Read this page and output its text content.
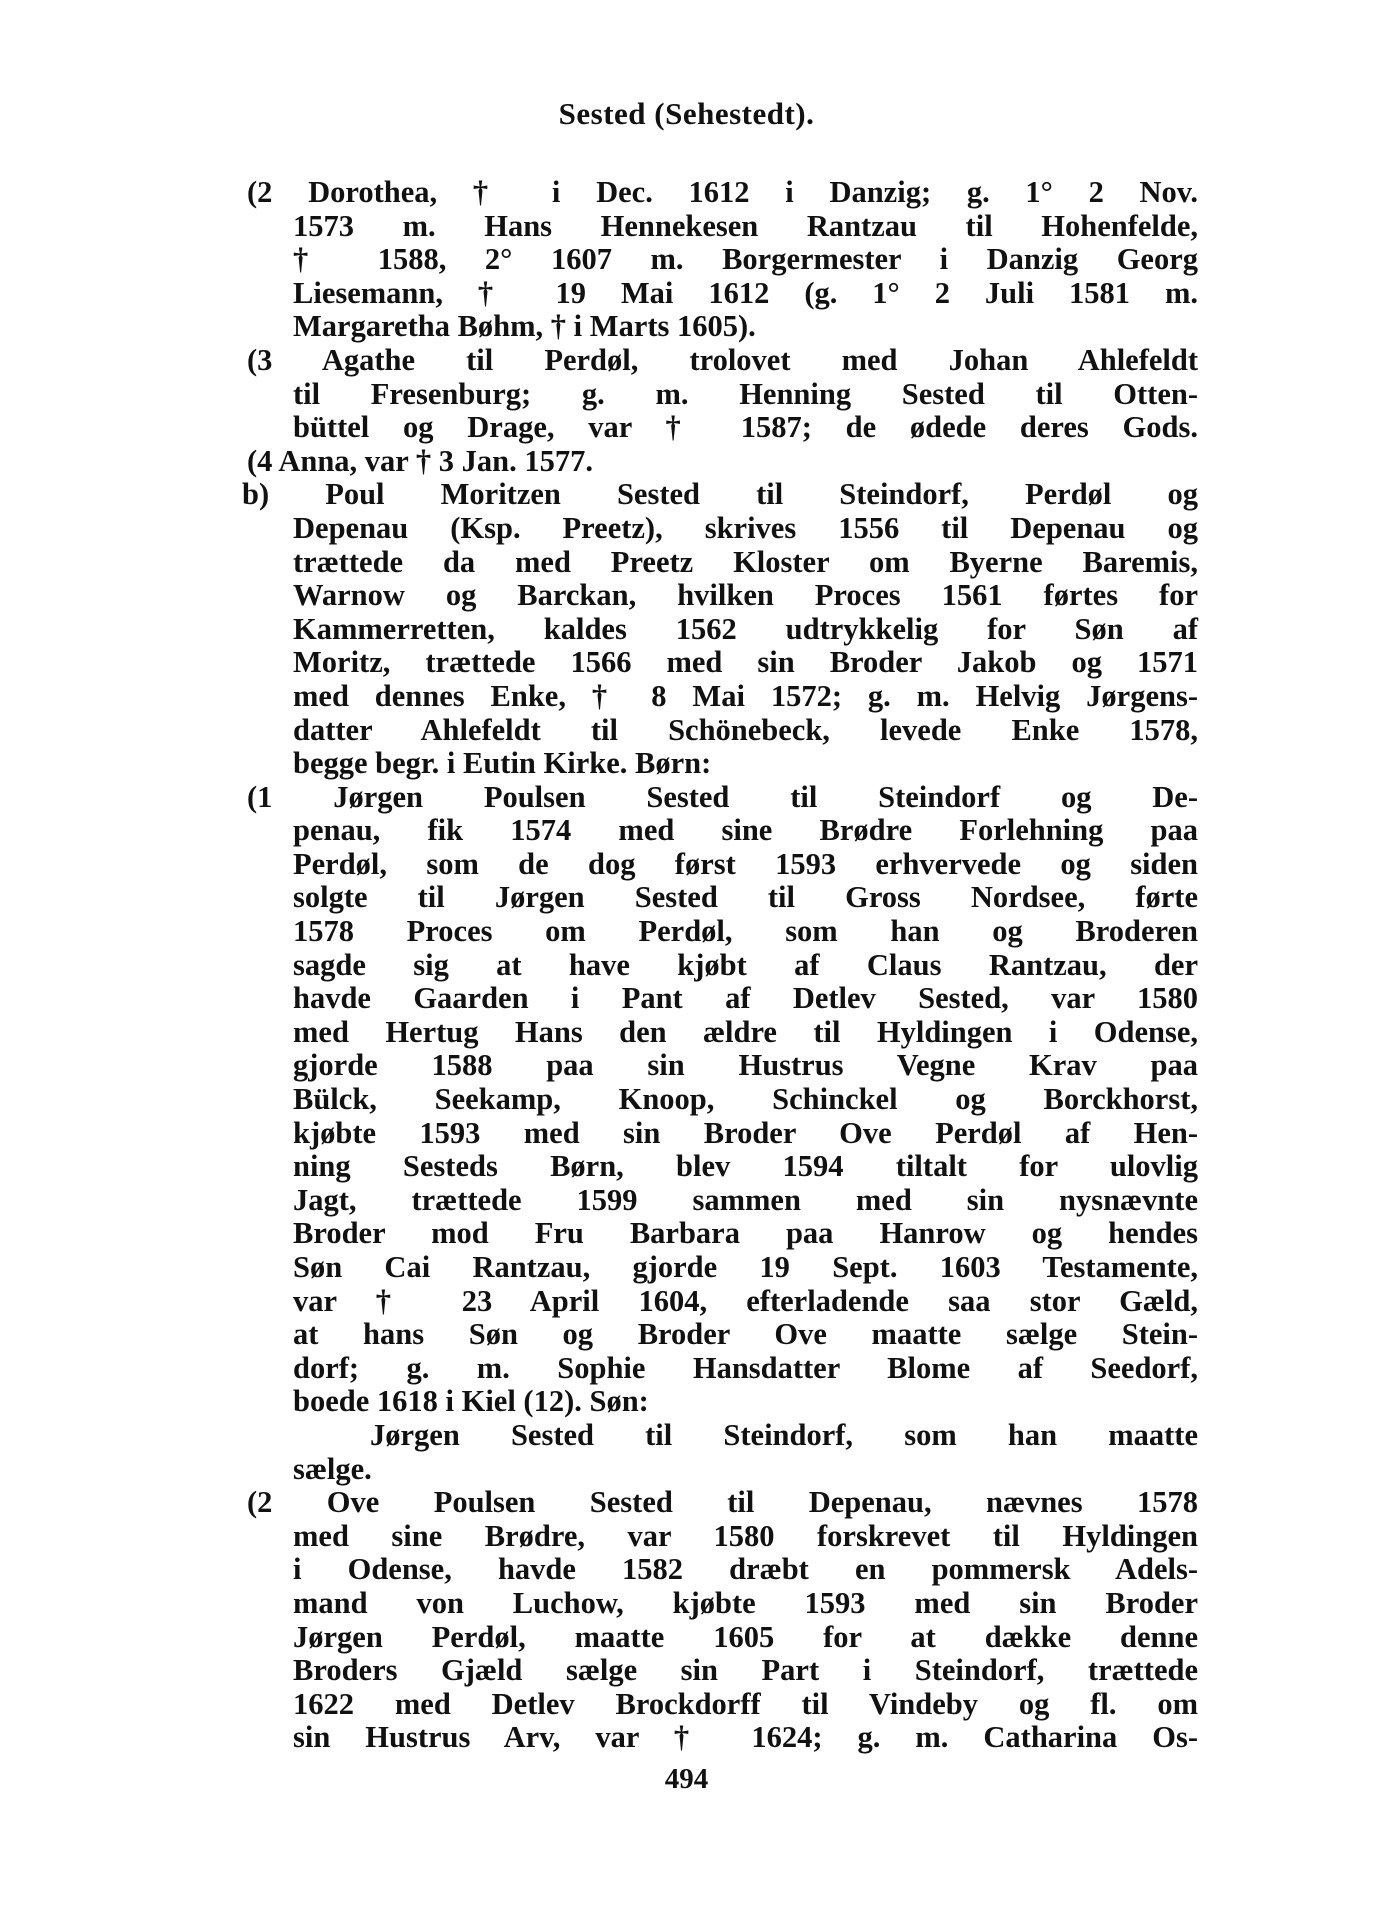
Sested (Sehestedt).
(2 Dorothea, † i Dec. 1612 i Danzig; g. 1° 2 Nov.
1573 m. Hans Hennekesen Rantzau til Hohenfelde,
† 1588, 2° 1607 m. Borgermester i Danzig Georg
Liesemann, † 19 Mai 1612 (g. 1° 2 Juli 1581 m.
Margaretha Bøhm, † i Marts 1605).
(3 Agathe til Perdøl, trolovet med Johan Ahlefeldt
til Fresenburg; g. m. Henning Sested til Otten-
büttel og Drage, var † 1587; de ødede deres Gods.
(4 Anna, var † 3 Jan. 1577.
b) Poul Moritzen Sested til Steindorf, Perdøl og
Depenau (Ksp. Preetz), skrives 1556 til Depenau og
trættede da med Preetz Kloster om Byerne Baremis,
Warnow og Barckan, hvilken Proces 1561 førtes for
Kammerretten, kaldes 1562 udtrykkelig for Søn af
Moritz, trættede 1566 med sin Broder Jakob og 1571
med dennes Enke, † 8 Mai 1572; g. m. Helvig Jørgens-
datter Ahlefeldt til Schönebeck, levede Enke 1578,
begge begr. i Eutin Kirke. Børn:
(1 Jørgen Poulsen Sested til Steindorf og De-
penau, fik 1574 med sine Brødre Forlehning paa
Perdøl, som de dog først 1593 erhvervede og siden
solgte til Jørgen Sested til Gross Nordsee, førte
1578 Proces om Perdøl, som han og Broderen
sagde sig at have kjøbt af Claus Rantzau, der
havde Gaarden i Pant af Detlev Sested, var 1580
med Hertug Hans den ældre til Hyldingen i Odense,
gjorde 1588 paa sin Hustrus Vegne Krav paa
Bülck, Seekamp, Knoop, Schinckel og Borckhorst,
kjøbte 1593 med sin Broder Ove Perdøl af Hen-
ning Sesteds Børn, blev 1594 tiltalt for ulovlig
Jagt, trættede 1599 sammen med sin nysnævnte
Broder mod Fru Barbara paa Hanrow og hendes
Søn Cai Rantzau, gjorde 19 Sept. 1603 Testamente,
var † 23 April 1604, efterladende saa stor Gæld,
at hans Søn og Broder Ove maatte sælge Stein-
dorf; g. m. Sophie Hansdatter Blome af Seedorf,
boede 1618 i Kiel (12). Søn:
Jørgen Sested til Steindorf, som han maatte
sælge.
(2 Ove Poulsen Sested til Depenau, nævnes 1578
med sine Brødre, var 1580 forskrevet til Hyldingen
i Odense, havde 1582 dræbt en pommersk Adels-
mand von Luchow, kjøbte 1593 med sin Broder
Jørgen Perdøl, maatte 1605 for at dække denne
Broders Gjæld sælge sin Part i Steindorf, trættede
1622 med Detlev Brockdorff til Vindeby og fl. om
sin Hustrus Arv, var † 1624; g. m. Catharina Os-
494
